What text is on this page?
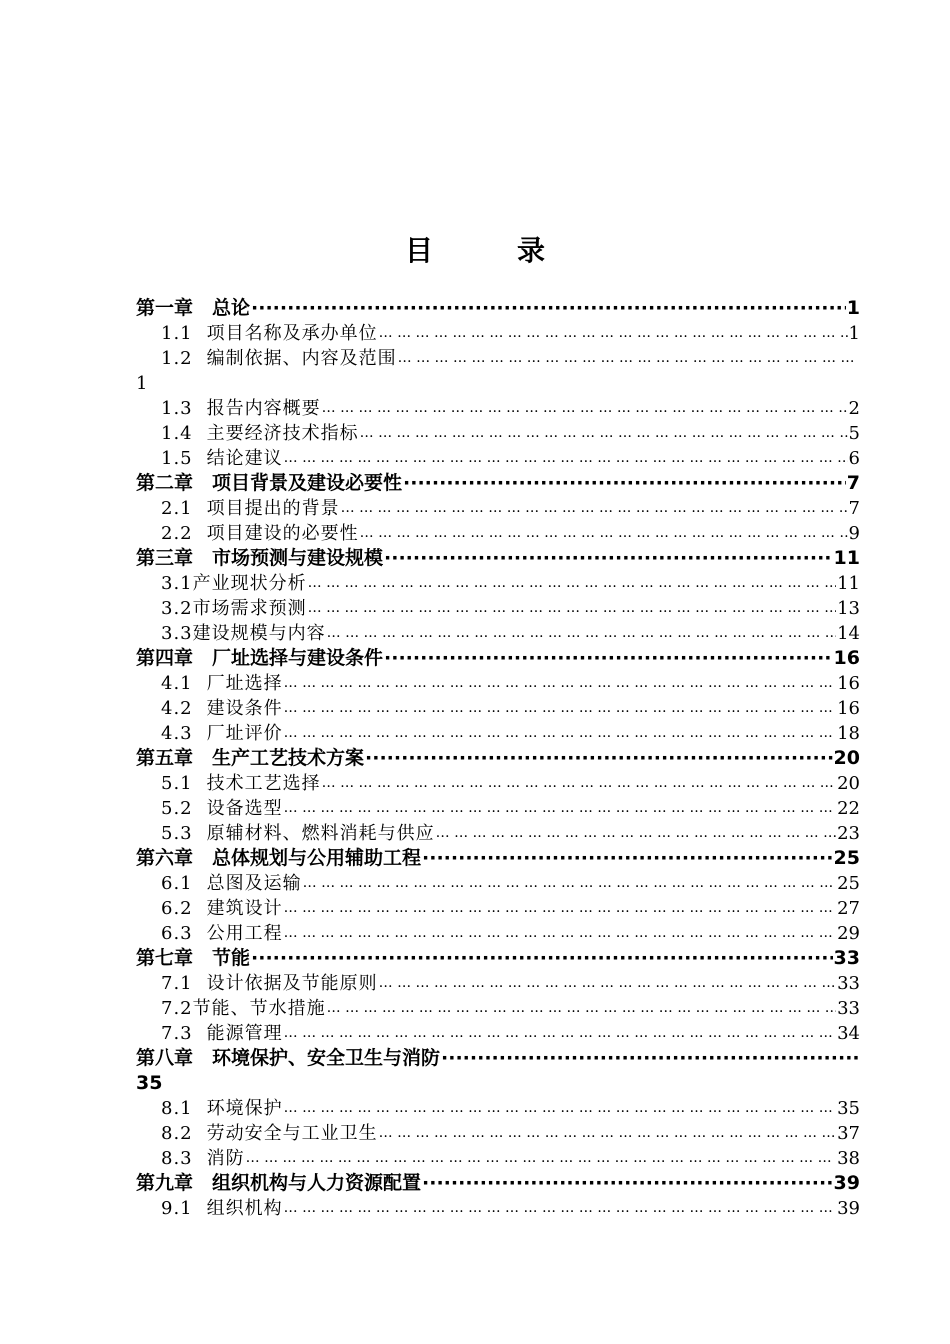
目　录
第一章　总论 ·····	1
1.1 项目名称及承办单位 … … … … … … … … … … … … … … … … … … … … … … … … … … … … … … … … … … … … … … … … … … … … … … … … … … … … … … … … … … … … … … … … … …	1
1.2 编制依据、内容及范围
… … … … … … … … … … … … … … … … … … … … … … … … … … … … … … … … … … … … … … … … … … … … … … … … … … … … … … … … … … … … … … … … … …
1
1.3 报告内容概要 … … … … … … … … … … … … … … … … … … … … … … … … … … … … … … … … … … … … … … … … … … … … … … … … … … … … … … … … … … … … … … … … … …	2
1.4 主要经济技术指标 … … … … … … … … … … … … … … … … … … … … … … … … … … … … … … … … … … … … … … … … … … … … … … … … … … … … … … … … … … … … … … … … … …	5
1.5 结论建议 … … … … … … … … … … … … … … … … … … … … … … … … … … … … … … … … … … … … … … … … … … … … … … … … … … … … … … … … … … … … … … … … … …	6
第二章　项目背景及建设必要性 ·····	7
2.1 项目提出的背景 … … … … … … … … … … … … … … … … … … … … … … … … … … … … … … … … … … … … … … … … … … … … … … … … … … … … … … … … … … … … … … … … … …	7
2.2 项目建设的必要性 … … … … … … … … … … … … … … … … … … … … … … … … … … … … … … … … … … … … … … … … … … … … … … … … … … … … … … … … … … … … … … … … … …	9
第三章　市场预测与建设规模 ·····	11
3.1产业现状分析 … … … … … … … … … … … … … … … … … … … … … … … … … … … … … … … … … … … … … … … … … … … … … … … … … … … … … … … … … … … … … … … … … …	11
3.2市场需求预测 … … … … … … … … … … … … … … … … … … … … … … … … … … … … … … … … … … … … … … … … … … … … … … … … … … … … … … … … … … … … … … … … … …	13
3.3建设规模与内容 … … … … … … … … … … … … … … … … … … … … … … … … … … … … … … … … … … … … … … … … … … … … … … … … … … … … … … … … … … … … … … … … … …	14
第四章　厂址选择与建设条件 ·····	16
4.1 厂址选择 … … … … … … … … … … … … … … … … … … … … … … … … … … … … … … … … … … … … … … … … … … … … … … … … … … … … … … … … … … … … … … … … … …	16
4.2 建设条件 … … … … … … … … … … … … … … … … … … … … … … … … … … … … … … … … … … … … … … … … … … … … … … … … … … … … … … … … … … … … … … … … … …	16
4.3 厂址评价 … … … … … … … … … … … … … … … … … … … … … … … … … … … … … … … … … … … … … … … … … … … … … … … … … … … … … … … … … … … … … … … … … …	18
第五章　生产工艺技术方案 ·····	20
5.1 技术工艺选择 … … … … … … … … … … … … … … … … … … … … … … … … … … … … … … … … … … … … … … … … … … … … … … … … … … … … … … … … … … … … … … … … … …	20
5.2 设备选型 … … … … … … … … … … … … … … … … … … … … … … … … … … … … … … … … … … … … … … … … … … … … … … … … … … … … … … … … … … … … … … … … … …	22
5.3 原辅材料、燃料消耗与供应 … … … … … … … … … … … … … … … … … … … … … … … … … … … … … … … … … … … … … … … … … … … … … … … … … … … … … … … … … … … … … … … … … …	23
第六章　总体规划与公用辅助工程 ·····	25
6.1 总图及运输 … … … … … … … … … … … … … … … … … … … … … … … … … … … … … … … … … … … … … … … … … … … … … … … … … … … … … … … … … … … … … … … … … …	25
6.2 建筑设计 … … … … … … … … … … … … … … … … … … … … … … … … … … … … … … … … … … … … … … … … … … … … … … … … … … … … … … … … … … … … … … … … … …	27
6.3 公用工程 … … … … … … … … … … … … … … … … … … … … … … … … … … … … … … … … … … … … … … … … … … … … … … … … … … … … … … … … … … … … … … … … … …	29
第七章　节能 ·····	33
7.1 设计依据及节能原则 … … … … … … … … … … … … … … … … … … … … … … … … … … … … … … … … … … … … … … … … … … … … … … … … … … … … … … … … … … … … … … … … … …	33
7.2节能、节水措施 … … … … … … … … … … … … … … … … … … … … … … … … … … … … … … … … … … … … … … … … … … … … … … … … … … … … … … … … … … … … … … … … … …	33
7.3 能源管理 … … … … … … … … … … … … … … … … … … … … … … … … … … … … … … … … … … … … … … … … … … … … … … … … … … … … … … … … … … … … … … … … … …	34
第八章　环境保护、安全卫生与消防
·····
35
8.1 环境保护 … … … … … … … … … … … … … … … … … … … … … … … … … … … … … … … … … … … … … … … … … … … … … … … … … … … … … … … … … … … … … … … … … …	35
8.2 劳动安全与工业卫生 … … … … … … … … … … … … … … … … … … … … … … … … … … … … … … … … … … … … … … … … … … … … … … … … … … … … … … … … … … … … … … … … … …	37
8.3 消防 … … … … … … … … … … … … … … … … … … … … … … … … … … … … … … … … … … … … … … … … … … … … … … … … … … … … … … … … … … … … … … … … … …	38
第九章　组织机构与人力资源配置 ·····	39
9.1 组织机构 … … … … … … … … … … … … … … … … … … … … … … … … … … … … … … … … … … … … … … … … … … … … … … … … … … … … … … … … … … … … … … … … … …	39
